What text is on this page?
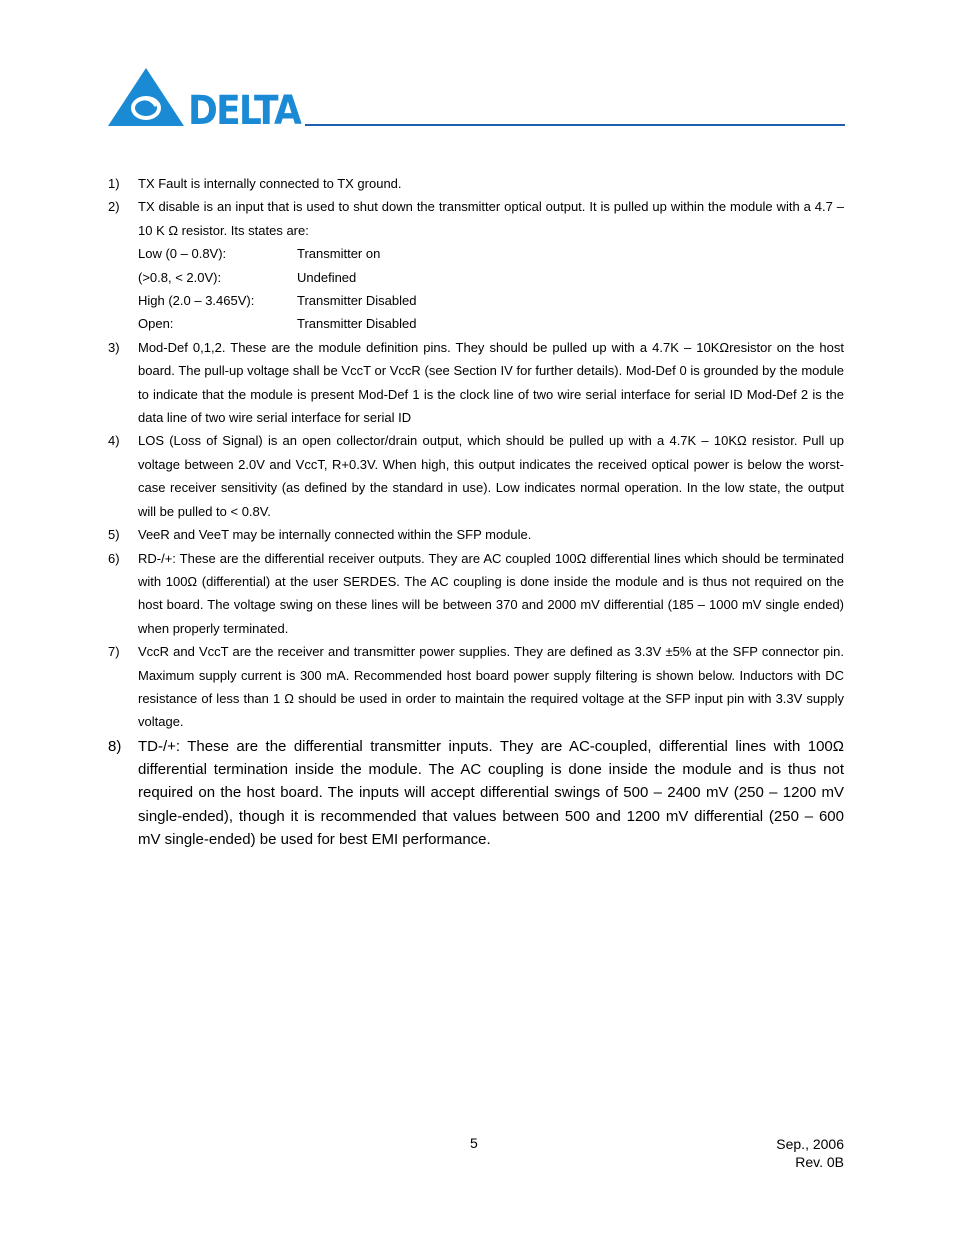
DELTA
1) TX Fault is internally connected to TX ground.
2) TX disable is an input that is used to shut down the transmitter optical output. It is pulled up within the module with a 4.7 – 10 K Ω resistor. Its states are:
Low (0 – 0.8V):	Transmitter on
(>0.8, < 2.0V):	Undefined
High (2.0 – 3.465V):	Transmitter Disabled
Open:	Transmitter Disabled
3) Mod-Def 0,1,2. These are the module definition pins. They should be pulled up with a 4.7K – 10KΩresistor on the host board. The pull-up voltage shall be VccT or VccR (see Section IV for further details). Mod-Def 0 is grounded by the module to indicate that the module is present Mod-Def 1 is the clock line of two wire serial interface for serial ID Mod-Def 2 is the data line of two wire serial interface for serial ID
4) LOS (Loss of Signal) is an open collector/drain output, which should be pulled up with a 4.7K – 10KΩ resistor. Pull up voltage between 2.0V and VccT, R+0.3V. When high, this output indicates the received optical power is below the worst-case receiver sensitivity (as defined by the standard in use). Low indicates normal operation. In the low state, the output will be pulled to < 0.8V.
5) VeeR and VeeT may be internally connected within the SFP module.
6) RD-/+: These are the differential receiver outputs. They are AC coupled 100Ω differential lines which should be terminated with 100Ω (differential) at the user SERDES. The AC coupling is done inside the module and is thus not required on the host board. The voltage swing on these lines will be between 370 and 2000 mV differential (185 – 1000 mV single ended) when properly terminated.
7) VccR and VccT are the receiver and transmitter power supplies. They are defined as 3.3V ±5% at the SFP connector pin. Maximum supply current is 300 mA. Recommended host board power supply filtering is shown below. Inductors with DC resistance of less than 1 Ω should be used in order to maintain the required voltage at the SFP input pin with 3.3V supply voltage.
8) TD-/+: These are the differential transmitter inputs. They are AC-coupled, differential lines with 100Ω differential termination inside the module. The AC coupling is done inside the module and is thus not required on the host board. The inputs will accept differential swings of 500 – 2400 mV (250 – 1200 mV single-ended), though it is recommended that values between 500 and 1200 mV differential (250 – 600 mV single-ended) be used for best EMI performance.
5	Sep., 2006
Rev. 0B
